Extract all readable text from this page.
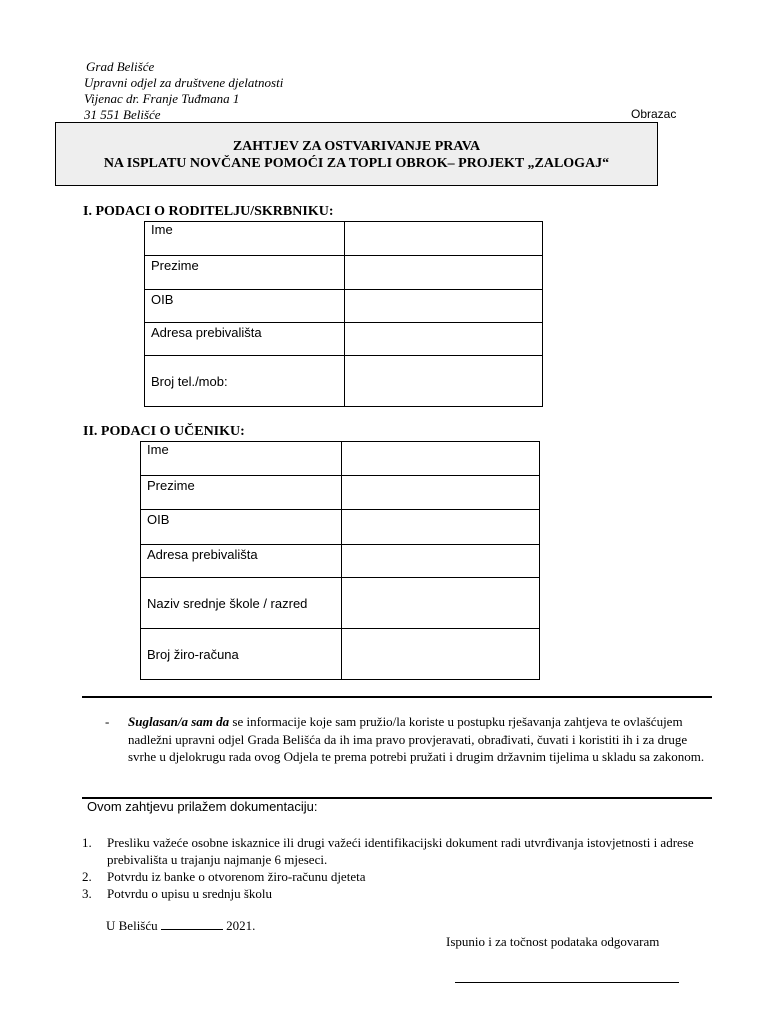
Grad Belišće
Upravni odjel za društvene djelatnosti
Vijenac dr. Franje Tuđmana 1
31 551 Belišće	Obrazac
ZAHTJEV ZA OSTVARIVANJE PRAVA
NA ISPLATU NOVČANE POMOĆI ZA TOPLI OBROK– PROJEKT „ZALOGAJ“
I. PODACI O RODITELJU/SKRBNIKU:
Ime	
Prezime	
OIB	
Adresa prebivališta	
Broj tel./mob:	
II. PODACI O UČENIKU:
Ime	
Prezime	
OIB	
Adresa prebivališta	
Naziv srednje škole / razred	
Broj žiro-računa	
- Suglasan/a sam da se informacije koje sam pružio/la koriste u postupku rješavanja zahtjeva te ovlašćujem nadležni upravni odjel Grada Belišća da ih ima pravo provjeravati, obrađivati, čuvati i koristiti ih i za druge svrhe u djelokrugu rada ovog Odjela te prema potrebi pružati i drugim državnim tijelima u skladu sa zakonom.
Ovom zahtjevu prilažem dokumentaciju:
1. Presliku važeće osobne iskaznice ili drugi važeći identifikacijski dokument radi utvrđivanja istovjetnosti i adrese prebivališta u trajanju najmanje 6 mjeseci.
2. Potvrdu iz banke o otvorenom žiro-računu djeteta
3. Potvrdu o upisu u srednju školu
U Belišću	2021.
Ispunio i za točnost podataka odgovaram
